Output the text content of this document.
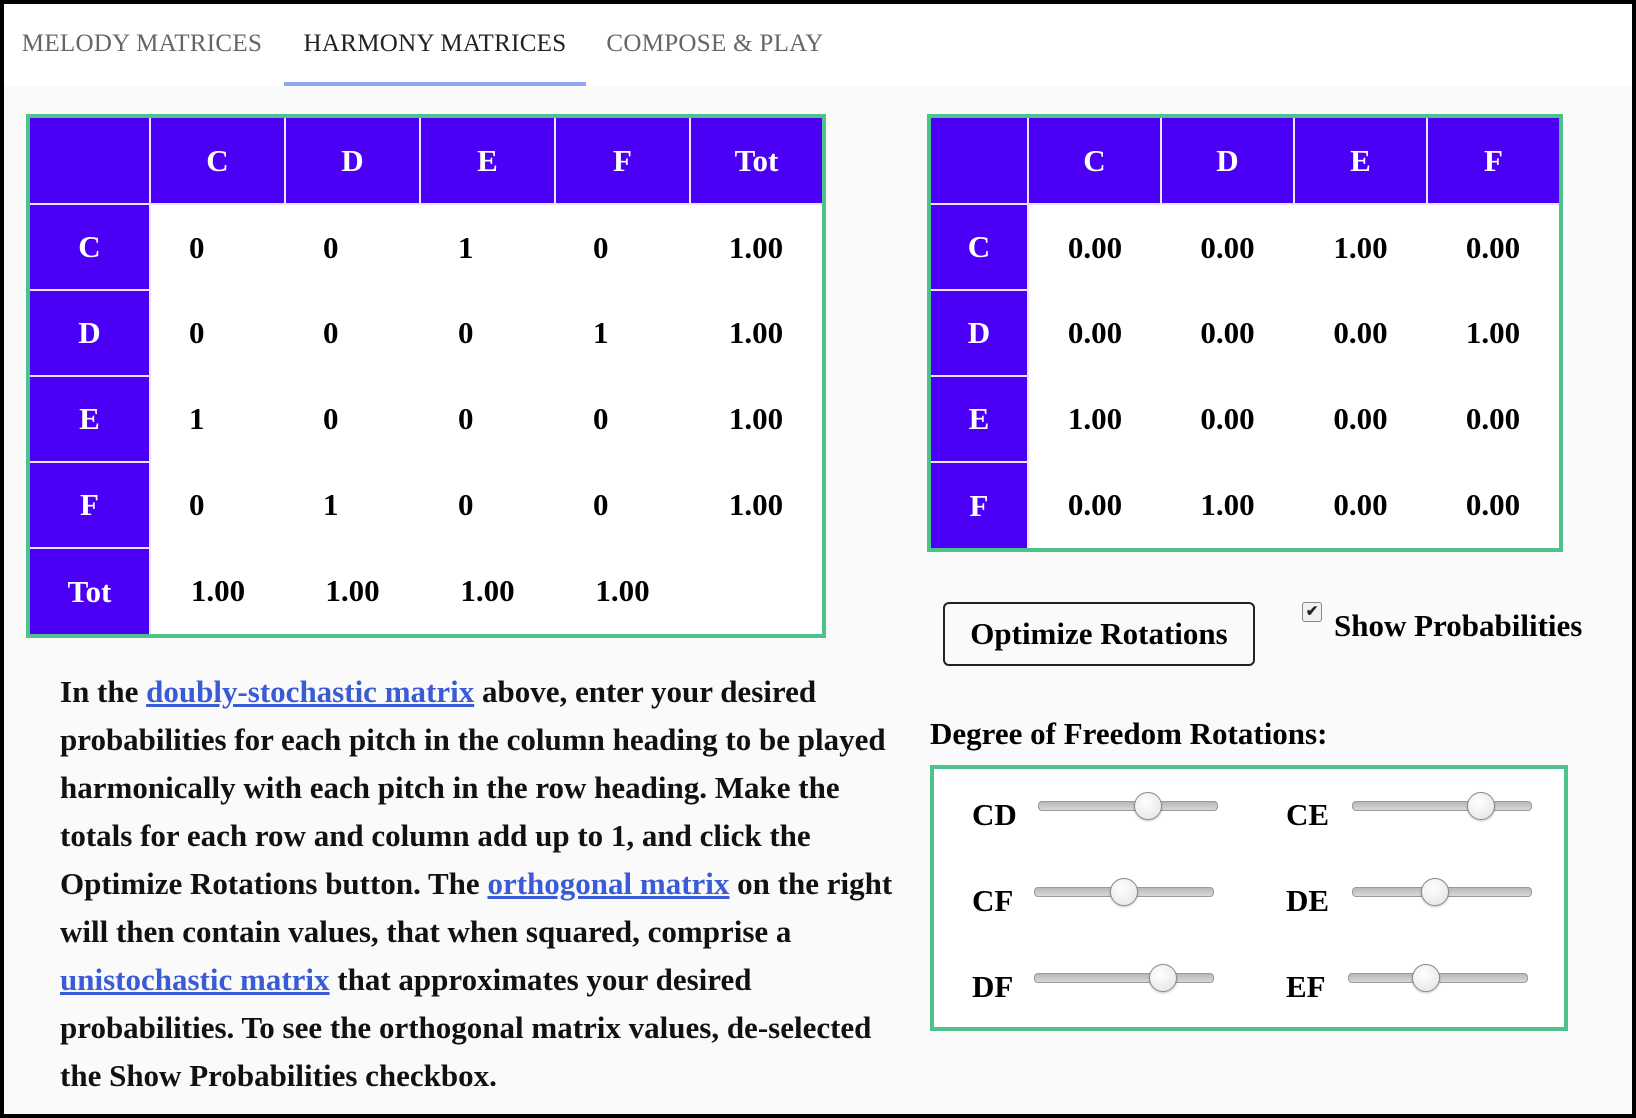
MELODY MATRICES	HARMONY MATRICES	COMPOSE & PLAY
	C	D	E	F	Tot
C	0	0	1	0	1.00
D	0	0	0	1	1.00
E	1	0	0	0	1.00
F	0	1	0	0	1.00
Tot	1.00	1.00	1.00	1.00	
	C	D	E	F
C	0.00	0.00	1.00	0.00
D	0.00	0.00	0.00	1.00
E	1.00	0.00	0.00	0.00
F	0.00	1.00	0.00	0.00
Optimize Rotations
✔ Show Probabilities
In the doubly-stochastic matrix above, enter your desired probabilities for each pitch in the column heading to be played harmonically with each pitch in the row heading. Make the totals for each row and column add up to 1, and click the Optimize Rotations button. The orthogonal matrix on the right will then contain values, that when squared, comprise a unistochastic matrix that approximates your desired probabilities. To see the orthogonal matrix values, de-selected the Show Probabilities checkbox.
Degree of Freedom Rotations:
CD	CE
CF	DE
DF	EF
